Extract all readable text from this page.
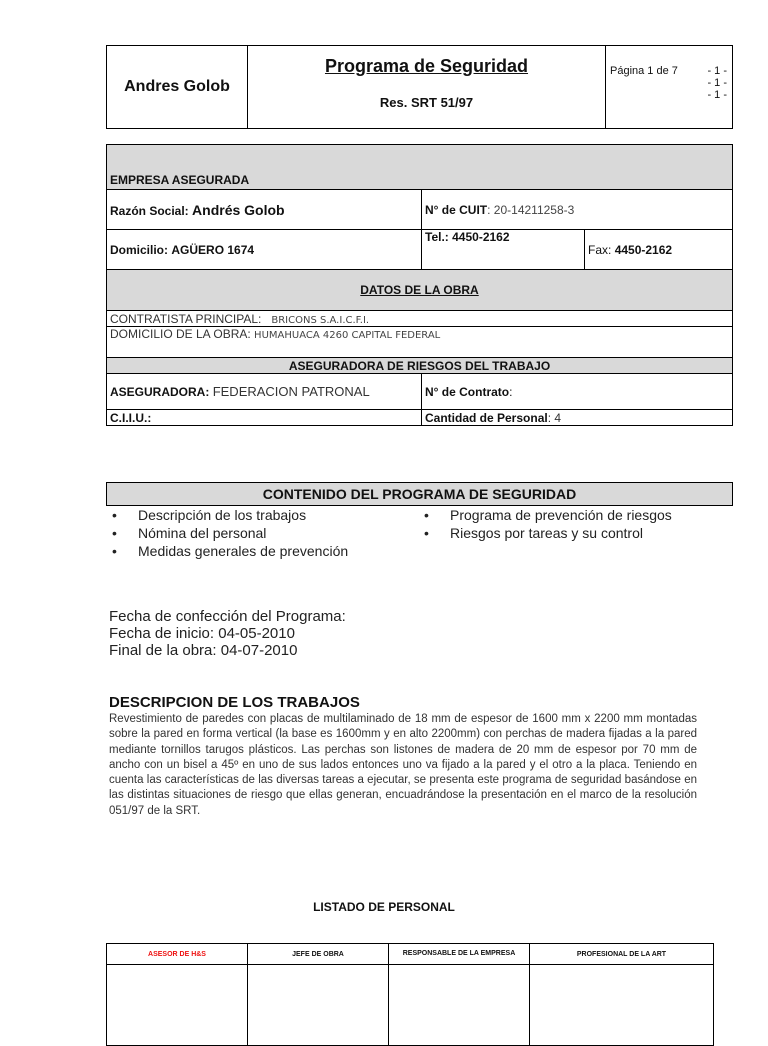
Andres Golob	
Programa de Seguridad
Res. SRT 51/97

Página 1 de 7	- 1 -
- 1 -
- 1 -
EMPRESA ASEGURADA		
Razón Social: Andrés Golob	N° de CUIT: 20-14211258-3	
Domicilio: AGÜERO 1674	Tel.: 4450-2162	Fax: 4450-2162
DATOS DE LA OBRA		
CONTRATISTA PRINCIPAL: BRICONS S.A.I.C.F.I.		
DOMICILIO DE LA OBRA: HUMAHUACA 4260 CAPITAL FEDERAL		
ASEGURADORA DE RIESGOS DEL TRABAJO		
ASEGURADORA: FEDERACION PATRONAL	N° de Contrato:	
C.I.I.U.:	Cantidad de Personal: 4	
CONTENIDO DEL PROGRAMA DE SEGURIDAD
• Descripción de los trabajos
• Nómina del personal
• Medidas generales de prevención
• Programa de prevención de riesgos
• Riesgos por tareas y su control
Fecha de confección del Programa:
Fecha de inicio: 04-05-2010
Final de la obra: 04-07-2010
DESCRIPCION DE LOS TRABAJOS
Revestimiento de paredes con placas de multilaminado de 18 mm de espesor de 1600 mm x 2200 mm montadas sobre la pared en forma vertical (la base es 1600mm y en alto 2200mm) con perchas de madera fijadas a la pared mediante tornillos tarugos plásticos. Las perchas son listones de madera de 20 mm de espesor por 70 mm de ancho con un bisel a 45º en uno de sus lados entonces uno va fijado a la pared y el otro a la placa. Teniendo en cuenta las características de las diversas tareas a ejecutar, se presenta este programa de seguridad basándose en las distintas situaciones de riesgo que ellas generan, encuadrándose la presentación en el marco de la resolución 051/97 de la SRT.
LISTADO DE PERSONAL
ASESOR DE H&S	JEFE DE OBRA	RESPONSABLE DE LA EMPRESA	PROFESIONAL DE LA ART
